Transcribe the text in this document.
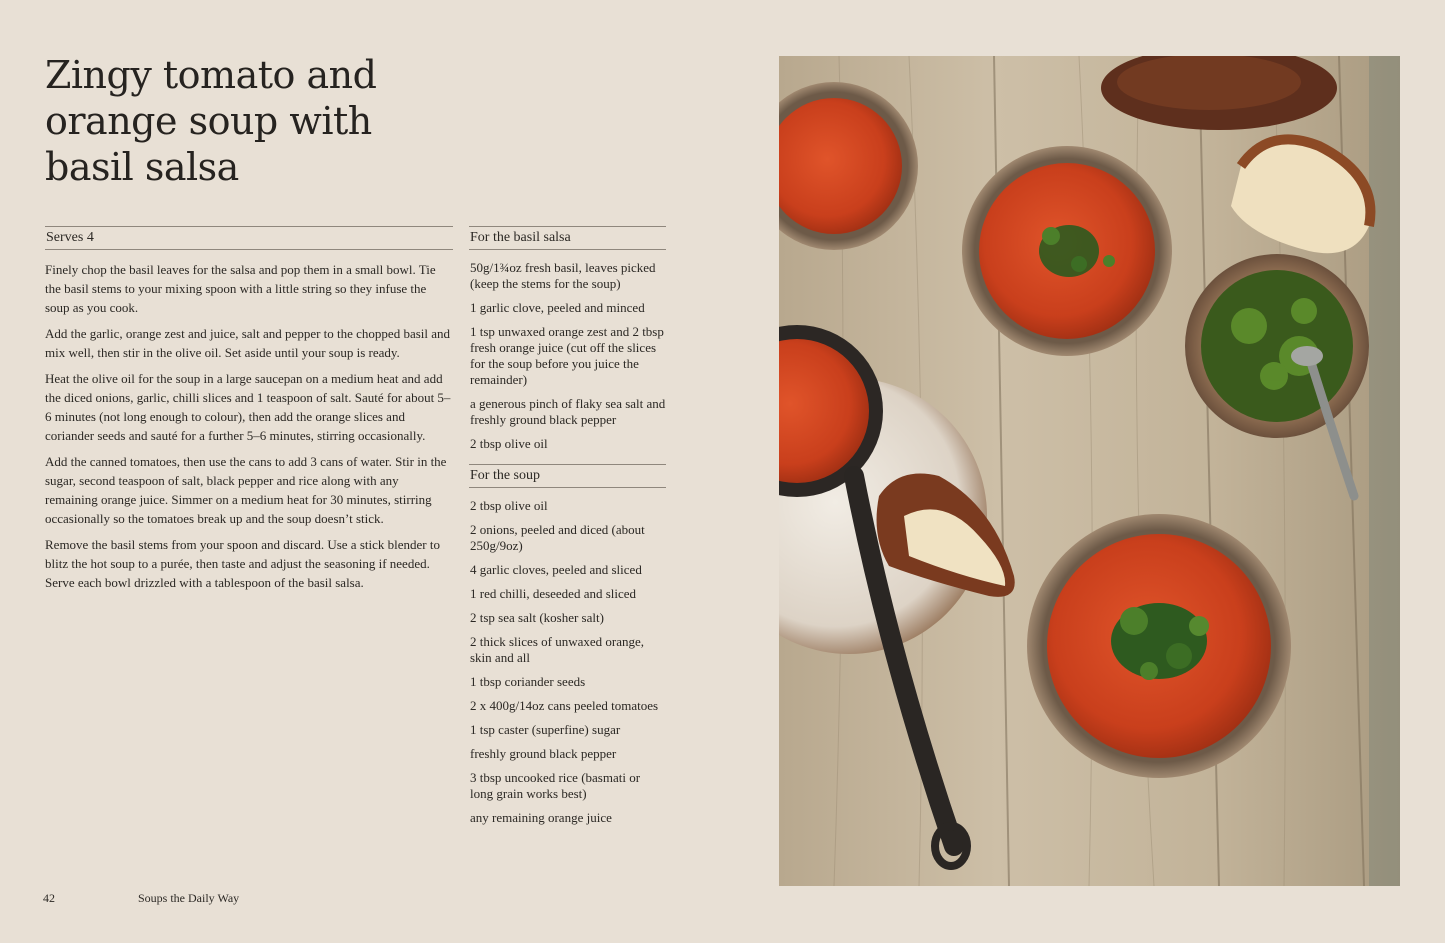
Zingy tomato and
orange soup with
basil salsa
Serves 4

Finely chop the basil leaves for the salsa and pop them in a small bowl. Tie the basil stems to your mixing spoon with a little string so they infuse the soup as you cook.

Add the garlic, orange zest and juice, salt and pepper to the chopped basil and mix well, then stir in the olive oil. Set aside until your soup is ready.

Heat the olive oil for the soup in a large saucepan on a medium heat and add the diced onions, garlic, chilli slices and 1 teaspoon of salt. Sauté for about 5–6 minutes (not long enough to colour), then add the orange slices and coriander seeds and sauté for a further 5–6 minutes, stirring occasionally.

Add the canned tomatoes, then use the cans to add 3 cans of water. Stir in the sugar, second teaspoon of salt, black pepper and rice along with any remaining orange juice. Simmer on a medium heat for 30 minutes, stirring occasionally so the tomatoes break up and the soup doesn’t stick.

Remove the basil stems from your spoon and discard. Use a stick blender to blitz the hot soup to a purée, then taste and adjust the seasoning if needed. Serve each bowl drizzled with a tablespoon of the basil salsa.

For the basil salsa
50g/1¾oz fresh basil, leaves picked (keep the stems for the soup)
1 garlic clove, peeled and minced
1 tsp unwaxed orange zest and 2 tbsp fresh orange juice (cut off the slices for the soup before you juice the remainder)
a generous pinch of flaky sea salt and freshly ground black pepper
2 tbsp olive oil
For the soup
2 tbsp olive oil
2 onions, peeled and diced (about 250g/9oz)
4 garlic cloves, peeled and sliced
1 red chilli, deseeded and sliced
2 tsp sea salt (kosher salt)
2 thick slices of unwaxed orange, skin and all
1 tbsp coriander seeds
2 x 400g/14oz cans peeled tomatoes
1 tsp caster (superfine) sugar
freshly ground black pepper
3 tbsp uncooked rice (basmati or long grain works best)
any remaining orange juice
42	Soups the Daily Way
